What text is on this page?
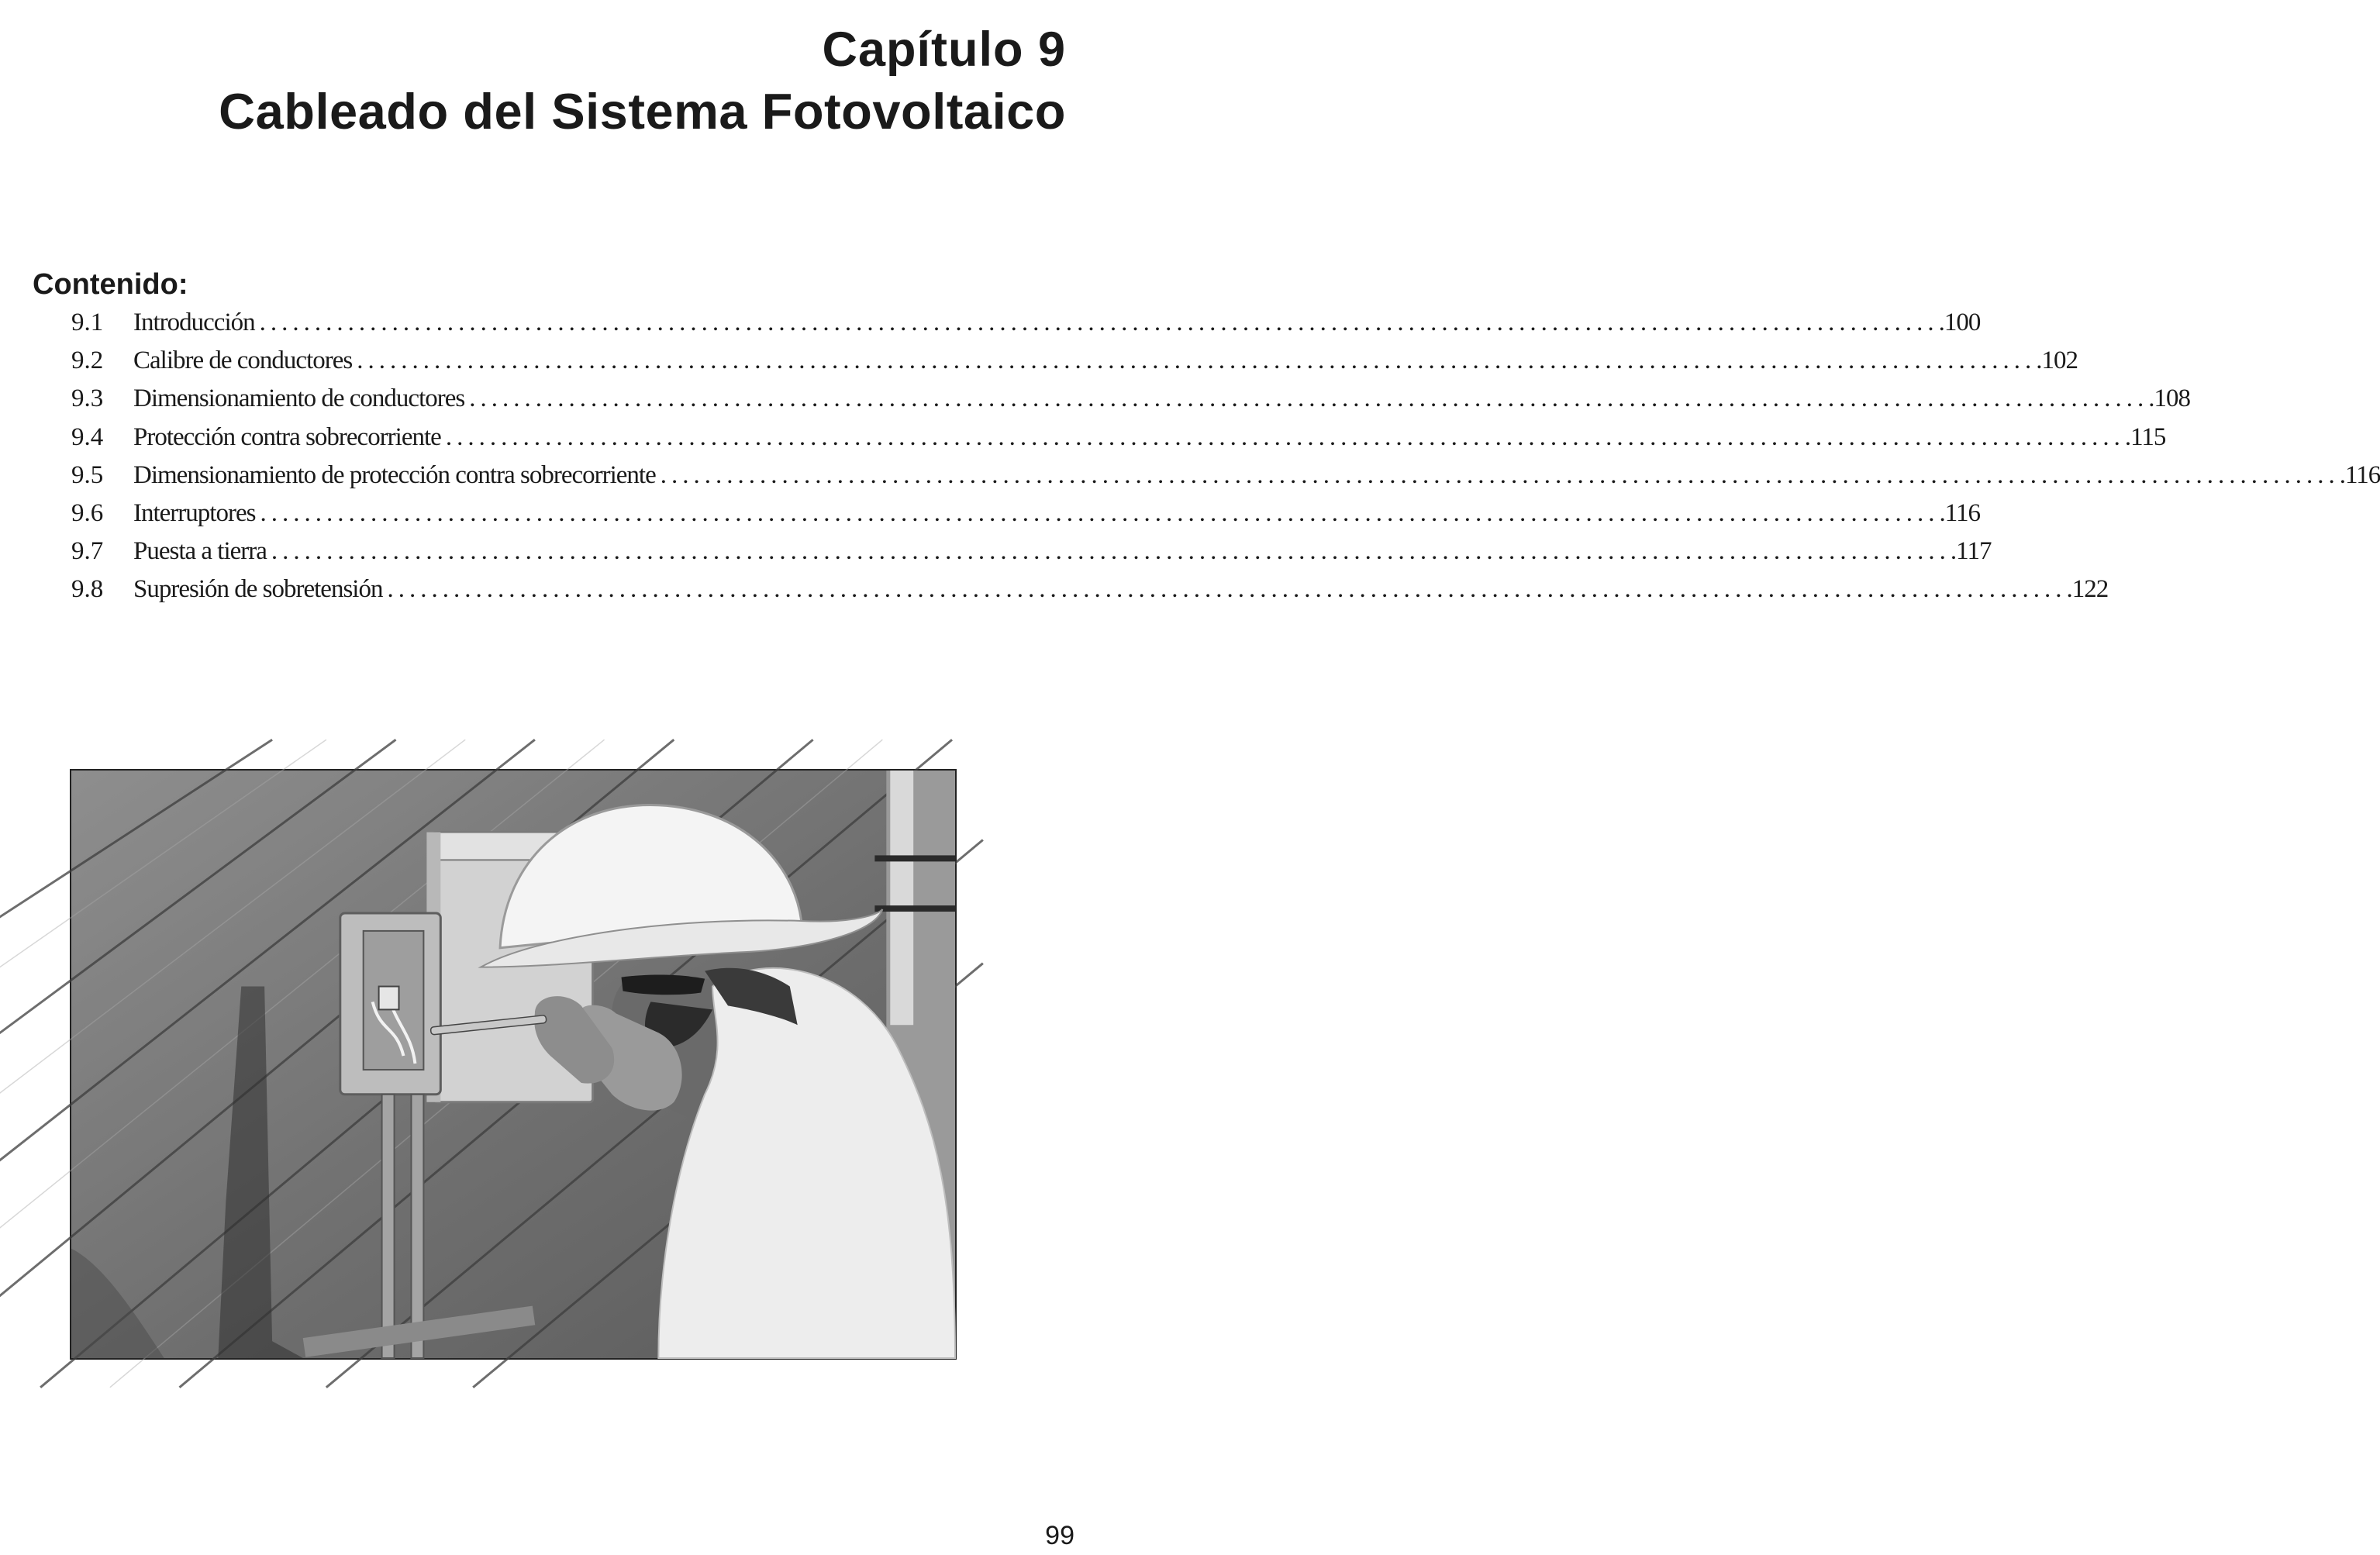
Capítulo 9
Cableado del Sistema Fotovoltaico
Contenido:
9.1	Introducción ........................................................................................................................................................ .100
9.2	Calibre de conductores ........................................................................................................................................................ .102
9.3	Dimensionamiento de conductores ........................................................................................................................................................ .108
9.4	Protección contra sobrecorriente ........................................................................................................................................................ .115
9.5	Dimensionamiento de protección contra sobrecorriente ........................................................................................................................................................ .116
9.6	Interruptores ........................................................................................................................................................ .116
9.7	Puesta a tierra ........................................................................................................................................................ .117
9.8	Supresión de sobretensión ........................................................................................................................................................ .122
99
